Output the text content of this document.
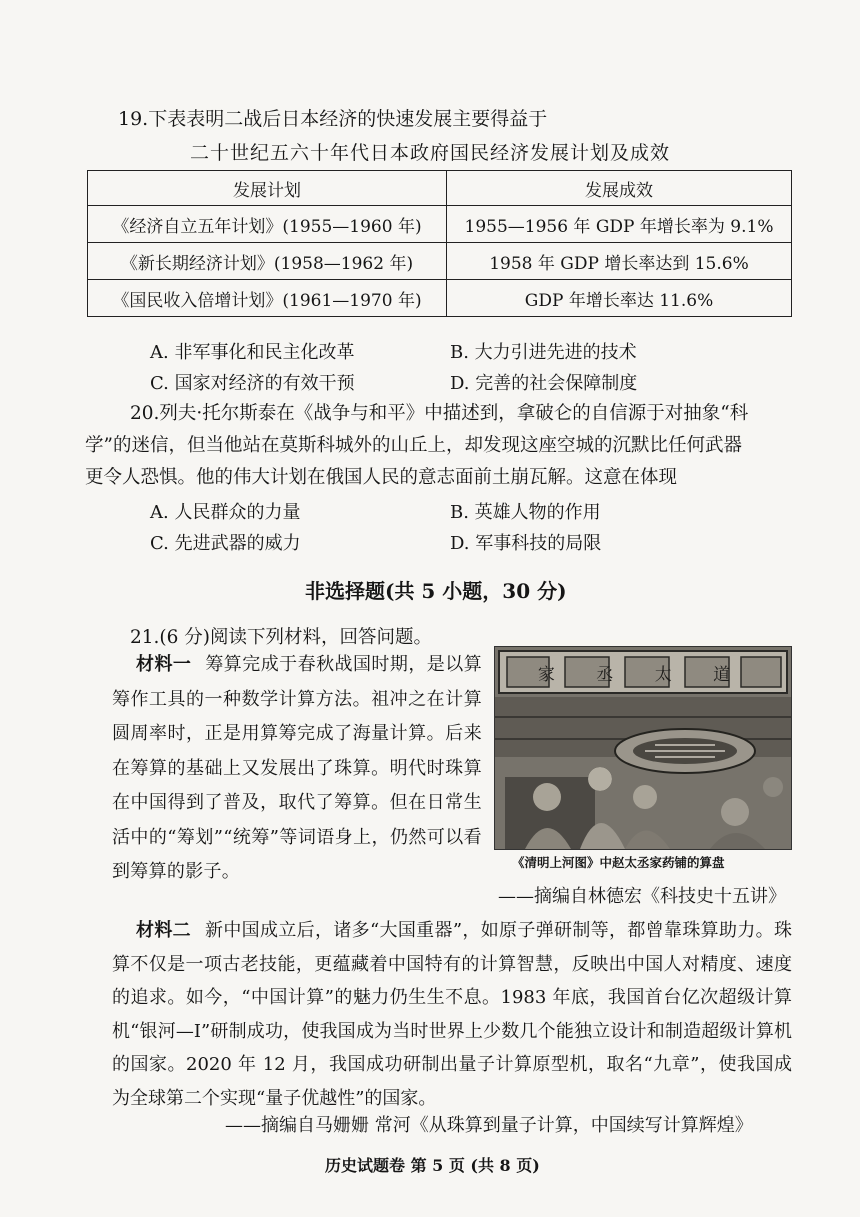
19.下表表明二战后日本经济的快速发展主要得益于
二十世纪五六十年代日本政府国民经济发展计划及成效
发展计划	发展成效
《经济自立五年计划》(1955—1960 年)	1955—1956 年 GDP 年增长率为 9.1%
《新长期经济计划》(1958—1962 年)	1958 年 GDP 增长率达到 15.6%
《国民收入倍增计划》(1961—1970 年)	GDP 年增长率达 11.6%
A. 非军事化和民主化改革	B. 大力引进先进的技术
C. 国家对经济的有效干预	D. 完善的社会保障制度
20.列夫·托尔斯泰在《战争与和平》中描述到，拿破仑的自信源于对抽象“科
学”的迷信，但当他站在莫斯科城外的山丘上，却发现这座空城的沉默比任何武器
更令人恐惧。他的伟大计划在俄国人民的意志面前土崩瓦解。这意在体现
A. 人民群众的力量	B. 英雄人物的作用
C. 先进武器的威力	D. 军事科技的局限
非选择题(共 5 小题，30 分)
21.(6 分)阅读下列材料，回答问题。
材料一 筹算完成于春秋战国时期，是以算筹作工具的一种数学计算方法。祖冲之在计算圆周率时，正是用算筹完成了海量计算。后来在筹算的基础上又发展出了珠算。明代时珠算在中国得到了普及，取代了筹算。但在日常生活中的“筹划”“统筹”等词语身上，仍然可以看到筹算的影子。
家 丞 太 道
《清明上河图》中赵太丞家药铺的算盘
——摘编自林德宏《科技史十五讲》
材料二 新中国成立后，诸多“大国重器”，如原子弹研制等，都曾靠珠算助力。珠算不仅是一项古老技能，更蕴藏着中国特有的计算智慧，反映出中国人对精度、速度的追求。如今，“中国计算”的魅力仍生生不息。1983 年底，我国首台亿次超级计算机“银河—I”研制成功，使我国成为当时世界上少数几个能独立设计和制造超级计算机的国家。2020 年 12 月，我国成功研制出量子计算原型机，取名“九章”，使我国成为全球第二个实现“量子优越性”的国家。
——摘编自马姗姗 常河《从珠算到量子计算，中国续写计算辉煌》
历史试题卷 第 5 页 (共 8 页)
